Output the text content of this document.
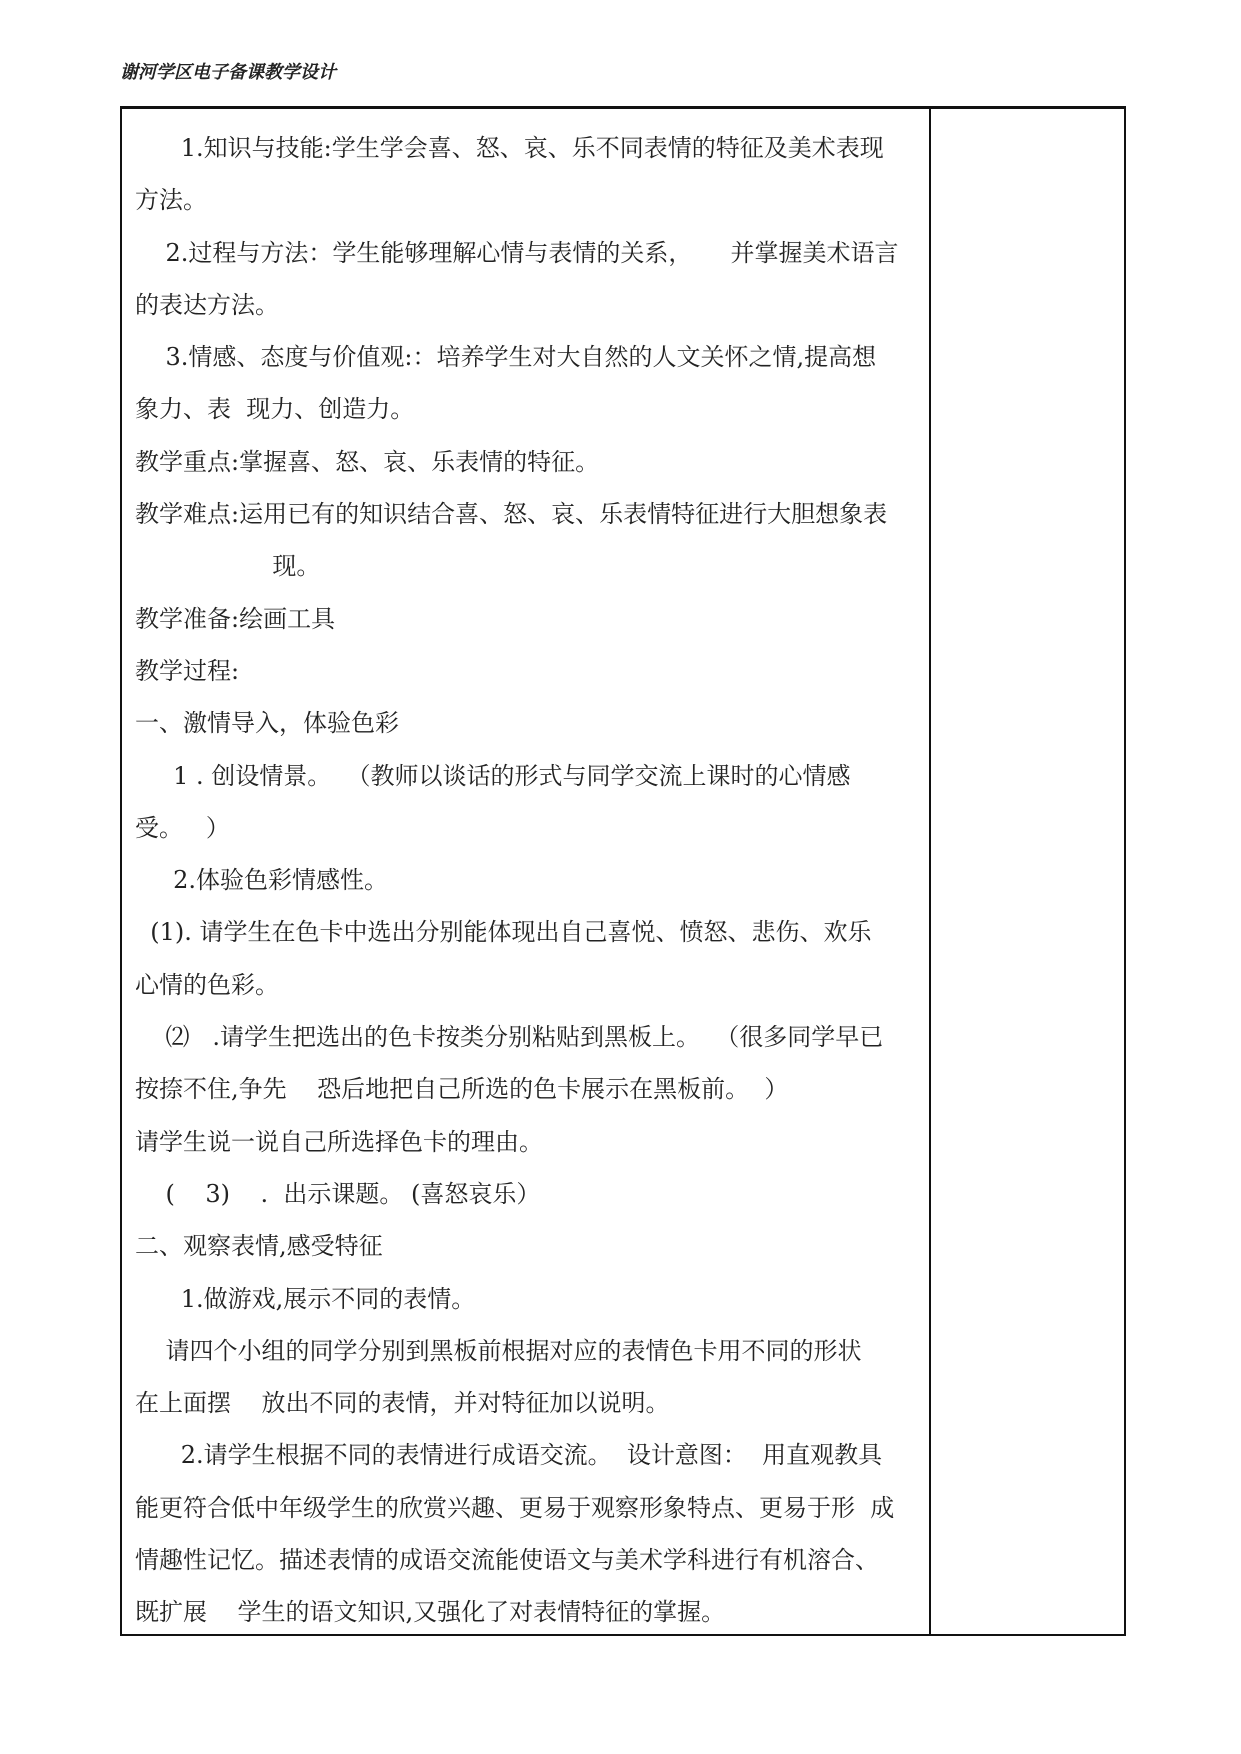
谢河学区电子备课教学设计
1.知识与技能:学生学会喜、怒、哀、乐不同表情的特征及美术表现
方法。
2.过程与方法：学生能够理解心情与表情的关系，     并掌握美术语言
的表达方法。
3.情感、态度与价值观:：培养学生对大自然的人文关怀之情,提高想
象力、表  现力、创造力。
教学重点:掌握喜、怒、哀、乐表情的特征。
教学难点:运用已有的知识结合喜、怒、哀、乐表情特征进行大胆想象表
现。
教学准备:绘画工具
教学过程:
一、激情导入，体验色彩
1 . 创设情景。  （教师以谈话的形式与同学交流上课时的心情感
受。   ）
2.体验色彩情感性。
(1). 请学生在色卡中选出分别能体现出自己喜悦、愤怒、悲伤、欢乐
心情的色彩。
⑵   .请学生把选出的色卡按类分别粘贴到黑板上。  （很多同学早已
按捺不住,争先    恐后地把自己所选的色卡展示在黑板前。  ）
请学生说一说自己所选择色卡的理由。
(    3)    .  出示课题。 (喜怒哀乐）
二、观察表情,感受特征
1.做游戏,展示不同的表情。
请四个小组的同学分别到黑板前根据对应的表情色卡用不同的形状
在上面摆    放出不同的表情，并对特征加以说明。
2.请学生根据不同的表情进行成语交流。  设计意图：  用直观教具
能更符合低中年级学生的欣赏兴趣、更易于观察形象特点、更易于形  成
情趣性记忆。描述表情的成语交流能使语文与美术学科进行有机溶合、
既扩展    学生的语文知识,又强化了对表情特征的掌握。
